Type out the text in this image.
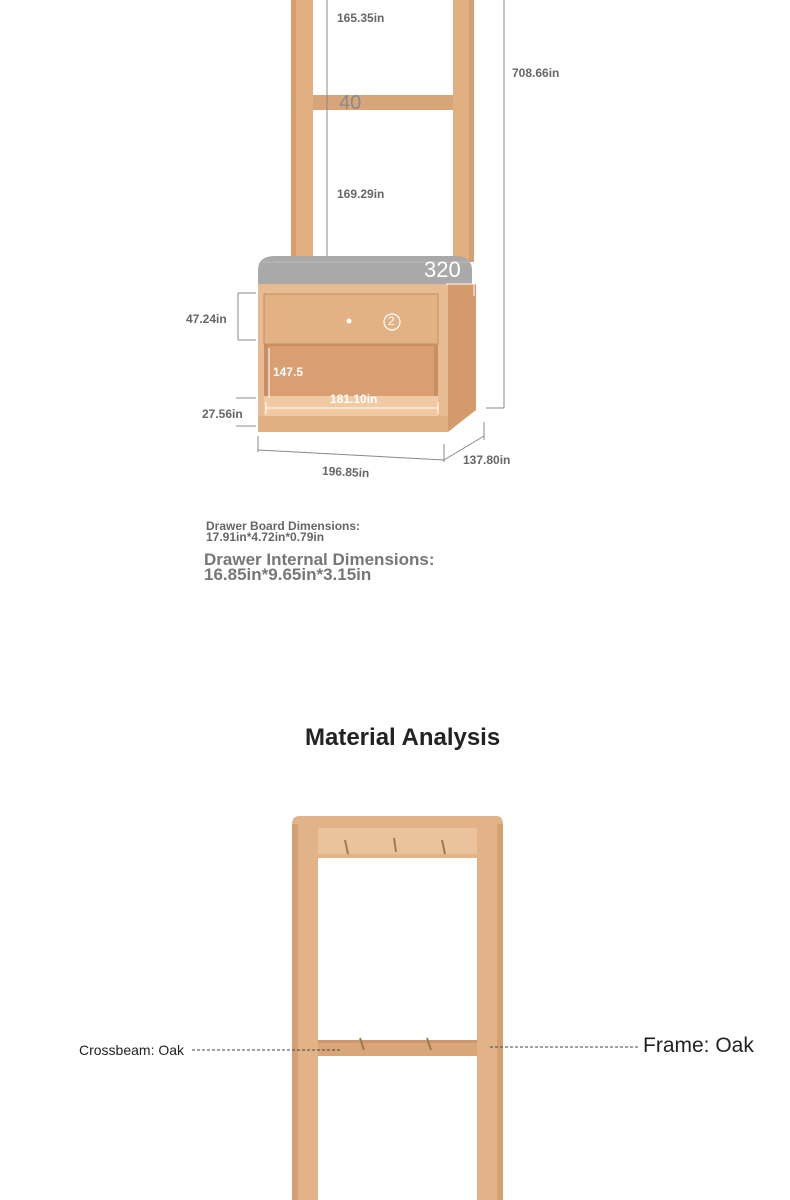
165.35in
40
708.66in
169.29in
320
47.24in	2
147.5
181.10in
27.56in
196.85in
137.80in
Drawer Board Dimensions:
17.91in*4.72in*0.79in
Drawer Internal Dimensions:
16.85in*9.65in*3.15in
Material Analysis
Crossbeam: Oak	Frame: Oak
